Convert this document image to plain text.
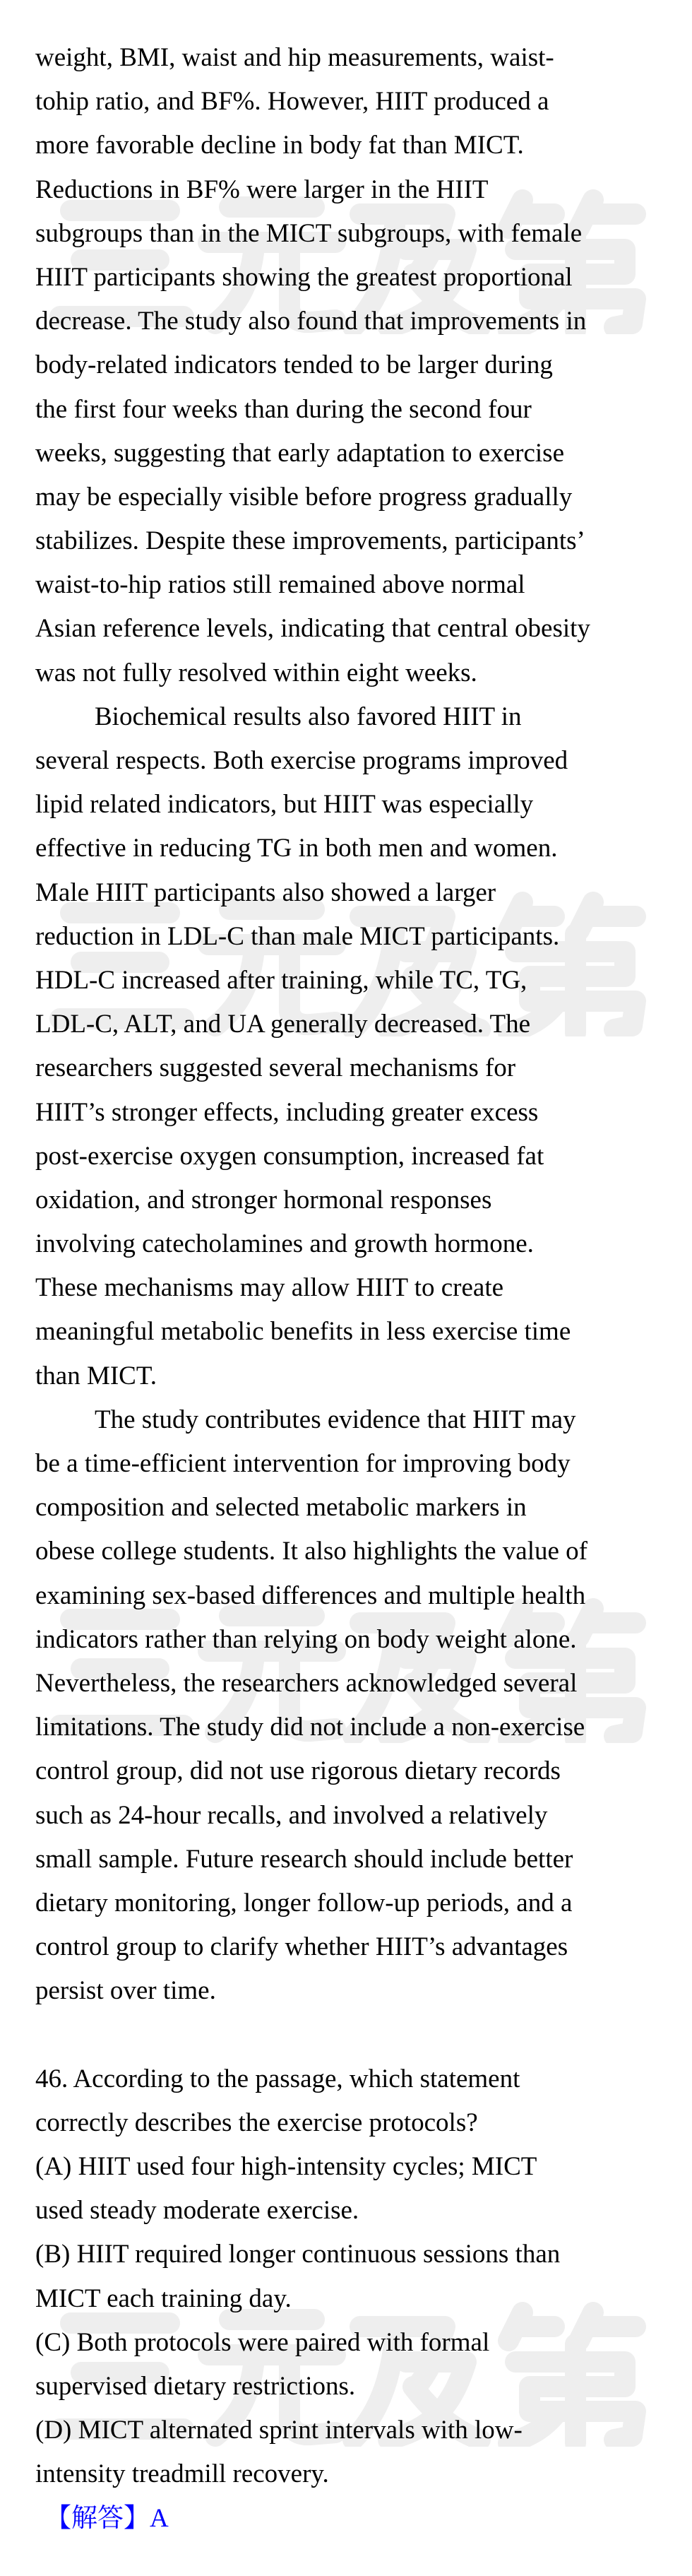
weight, BMI, waist and hip measurements, waist-
tohip ratio, and BF%. However, HIIT produced a
more favorable decline in body fat than MICT.
Reductions in BF% were larger in the HIIT
subgroups than in the MICT subgroups, with female
HIIT participants showing the greatest proportional
decrease. The study also found that improvements in
body-related indicators tended to be larger during
the first four weeks than during the second four
weeks, suggesting that early adaptation to exercise
may be especially visible before progress gradually
stabilizes. Despite these improvements, participants’
waist-to-hip ratios still remained above normal
Asian reference levels, indicating that central obesity
was not fully resolved within eight weeks.
Biochemical results also favored HIIT in
several respects. Both exercise programs improved
lipid related indicators, but HIIT was especially
effective in reducing TG in both men and women.
Male HIIT participants also showed a larger
reduction in LDL-C than male MICT participants.
HDL-C increased after training, while TC, TG,
LDL-C, ALT, and UA generally decreased. The
researchers suggested several mechanisms for
HIIT’s stronger effects, including greater excess
post-exercise oxygen consumption, increased fat
oxidation, and stronger hormonal responses
involving catecholamines and growth hormone.
These mechanisms may allow HIIT to create
meaningful metabolic benefits in less exercise time
than MICT.
The study contributes evidence that HIIT may
be a time-efficient intervention for improving body
composition and selected metabolic markers in
obese college students. It also highlights the value of
examining sex-based differences and multiple health
indicators rather than relying on body weight alone.
Nevertheless, the researchers acknowledged several
limitations. The study did not include a non-exercise
control group, did not use rigorous dietary records
such as 24-hour recalls, and involved a relatively
small sample. Future research should include better
dietary monitoring, longer follow-up periods, and a
control group to clarify whether HIIT’s advantages
persist over time.
46. According to the passage, which statement
correctly describes the exercise protocols?
(A) HIIT used four high-intensity cycles; MICT
used steady moderate exercise.
(B) HIIT required longer continuous sessions than
MICT each training day.
(C) Both protocols were paired with formal
supervised dietary restrictions.
(D) MICT alternated sprint intervals with low-
intensity treadmill recovery.
【解答】A
